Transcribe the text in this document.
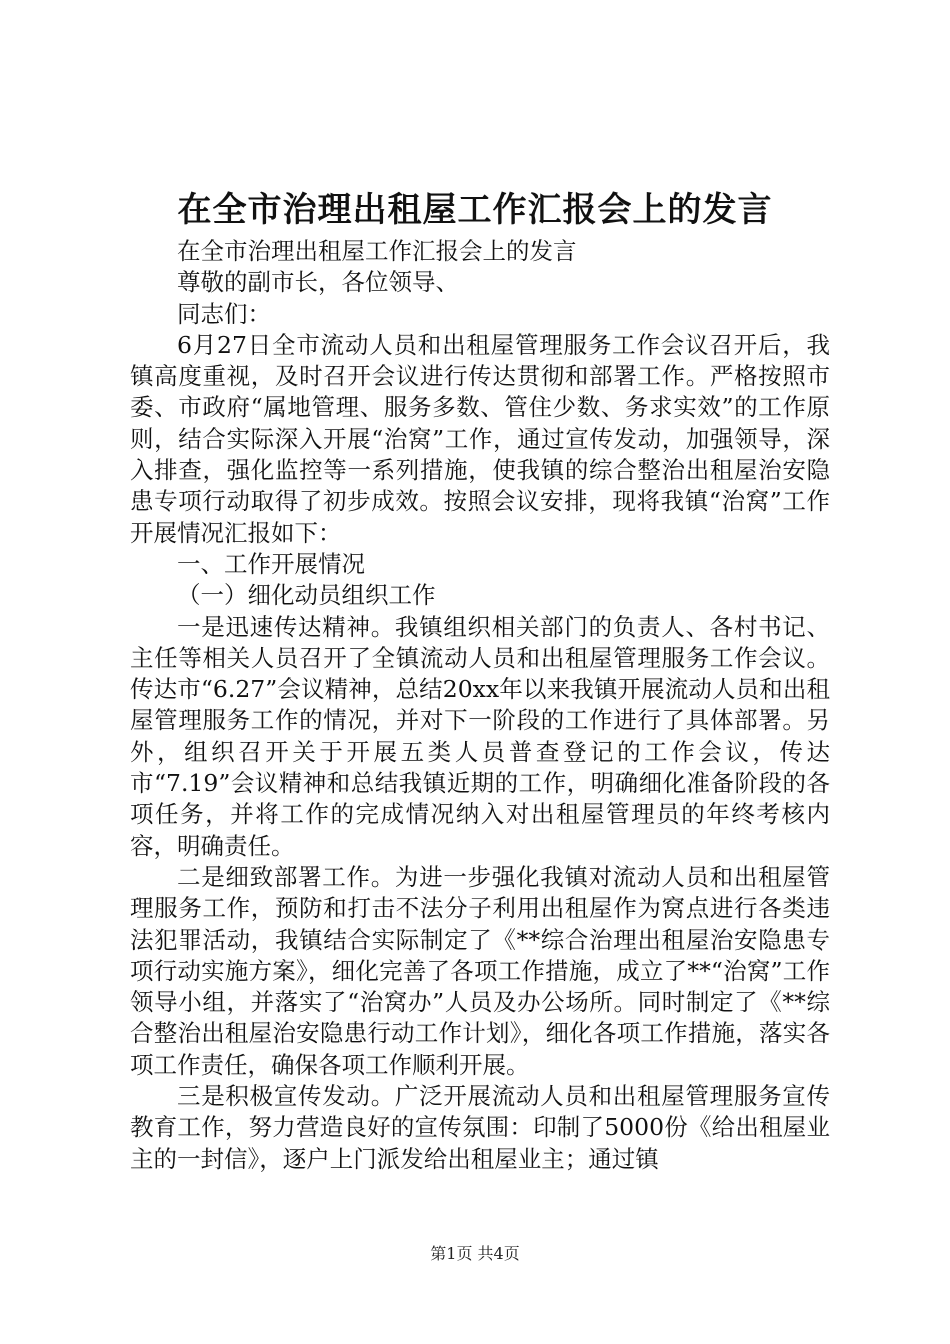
在全市治理出租屋工作汇报会上的发言

在全市治理出租屋工作汇报会上的发言

尊敬的副市长，各位领导、

同志们：

6月27日全市流动人员和出租屋管理服务工作会议召开后，我镇高度重视，及时召开会议进行传达贯彻和部署工作。严格按照市委、市政府“属地管理、服务多数、管住少数、务求实效”的工作原则，结合实际深入开展“治窝”工作，通过宣传发动，加强领导，深入排查，强化监控等一系列措施，使我镇的综合整治出租屋治安隐患专项行动取得了初步成效。按照会议安排，现将我镇“治窝”工作开展情况汇报如下：

一、工作开展情况

（一）细化动员组织工作

一是迅速传达精神。我镇组织相关部门的负责人、各村书记、主任等相关人员召开了全镇流动人员和出租屋管理服务工作会议。传达市“6.27”会议精神，总结20xx年以来我镇开展流动人员和出租屋管理服务工作的情况，并对下一阶段的工作进行了具体部署。另外，组织召开关于开展五类人员普查登记的工作会议，传达市“7.19”会议精神和总结我镇近期的工作，明确细化准备阶段的各项任务，并将工作的完成情况纳入对出租屋管理员的年终考核内容，明确责任。

二是细致部署工作。为进一步强化我镇对流动人员和出租屋管理服务工作，预防和打击不法分子利用出租屋作为窝点进行各类违法犯罪活动，我镇结合实际制定了《**综合治理出租屋治安隐患专项行动实施方案》，细化完善了各项工作措施，成立了**“治窝”工作领导小组，并落实了“治窝办”人员及办公场所。同时制定了《**综合整治出租屋治安隐患行动工作计划》，细化各项工作措施，落实各项工作责任，确保各项工作顺利开展。

三是积极宣传发动。广泛开展流动人员和出租屋管理服务宣传教育工作，努力营造良好的宣传氛围：印制了5000份《给出租屋业主的一封信》，逐户上门派发给出租屋业主；通过镇

第1页 共4页
